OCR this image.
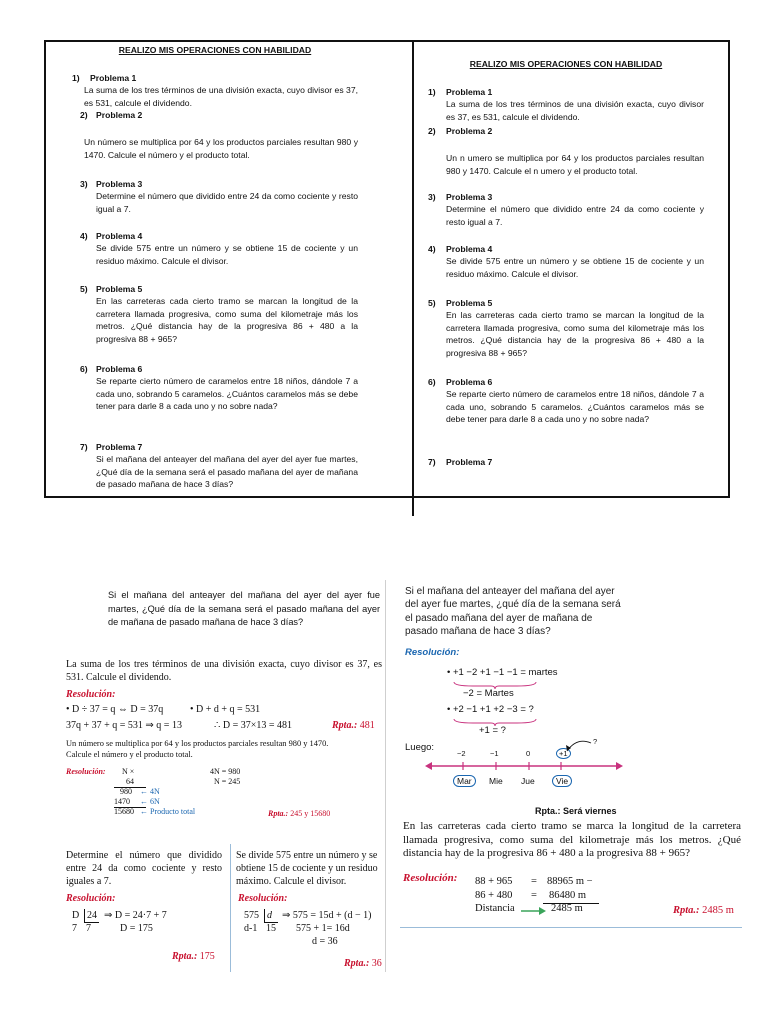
REALIZO MIS OPERACIONES CON HABILIDAD
1) Problema 1
La suma de los tres términos de una división exacta, cuyo divisor es 37, es 531, calcule el dividendo.
2) Problema 2
Un número se multiplica por 64 y los productos parciales resultan 980 y 1470. Calcule el número y el producto total.
3) Problema 3
Determine el número que dividido entre 24 da como cociente y resto igual a 7.
4) Problema 4
Se divide 575 entre un número y se obtiene 15 de cociente y un residuo máximo. Calcule el divisor.
5) Problema 5
En las carreteras cada cierto tramo se marcan la longitud de la carretera llamada progresiva, como suma del kilometraje más los metros. ¿Qué distancia hay de la progresiva 86 + 480 a la progresiva 88 + 965?
6) Problema 6
Se reparte cierto número de caramelos entre 18 niños, dándole 7 a cada uno, sobrando 5 caramelos. ¿Cuántos caramelos más se debe tener para darle 8 a cada uno y no sobre nada?
7) Problema 7
Si el mañana del anteayer del mañana del ayer del ayer fue martes, ¿Qué día de la semana será el pasado mañana del ayer de mañana de pasado mañana de hace 3 días?
REALIZO MIS OPERACIONES CON HABILIDAD
1) Problema 1
La suma de los tres términos de una división exacta, cuyo divisor es 37, es 531, calcule el dividendo.
2) Problema 2
Un n umero se multiplica por 64 y los productos parciales resultan 980 y 1470. Calcule el n umero y el producto total.
3) Problema 3
Determine el número que dividido entre 24 da como cociente y resto igual a 7.
4) Problema 4
Se divide 575 entre un número y se obtiene 15 de cociente y un residuo máximo. Calcule el divisor.
5) Problema 5
En las carreteras cada cierto tramo se marcan la longitud de la carretera llamada progresiva, como suma del kilometraje más los metros. ¿Qué distancia hay de la progresiva 86 + 480 a la progresiva 88 + 965?
6) Problema 6
Se reparte cierto número de caramelos entre 18 niños, dándole 7 a cada uno, sobrando 5 caramelos. ¿Cuántos caramelos más se debe tener para darle 8 a cada uno y no sobre nada?
7) Problema 7
Si el mañana del anteayer del mañana del ayer del ayer fue martes, ¿Qué día de la semana será el pasado mañana del ayer de mañana de pasado mañana de hace 3 días?
La suma de los tres términos de una división exacta, cuyo divisor es 37, es 531. Calcule el dividendo.
Resolución:
• D ÷ 37 = q ⇔ D = 37q	• D + d + q = 531
37q + 37 + q = 531 ⇒ q = 13	∴ D = 37×13 = 481	Rpta.: 481
Un número se multiplica por 64 y los productos parciales resultan 980 y 1470. Calcule el número y el producto total.
Resolución: N ×
64
980 ← 4N
1470 ← 6N
15680 ← Producto total
4N = 980
N = 245
Rpta.: 245 y 15680
Determine el número que dividido entre 24 da como cociente y resto iguales a 7.
Resolución:
D 24 ⇒ D = 24·7 + 7
7 7	D = 175
Rpta.: 175
Se divide 575 entre un número y se obtiene 15 de cociente y un residuo máximo. Calcule el divisor.
Resolución:
575 d	⇒ 575 = 15d + (d − 1)
d-1 15 575 + 1= 16d
d = 36
Rpta.: 36
Si el mañana del anteayer del mañana del ayer del ayer fue martes, ¿qué día de la semana será el pasado mañana del ayer de mañana de pasado mañana de hace 3 días?
Resolución:
• +1 −2 +1 −1 −1 = martes
−2 = Martes
• +2 −1 +1 +2 −3 = ?
+1 = ?
Luego:
−2	−1	0	+1
?
Mar	Mie Jue	Vie
Rpta.: Será viernes
En las carreteras cada cierto tramo se marca la longitud de la carretera llamada progresiva, como suma del kilometraje más los metros. ¿Qué distancia hay de la progresiva 86 + 480 a la progresiva 88 + 965?
Resolución: 88 + 965 = 88965 m −
86 + 480 = 86480 m
Distancia	2485 m	Rpta.: 2485 m
